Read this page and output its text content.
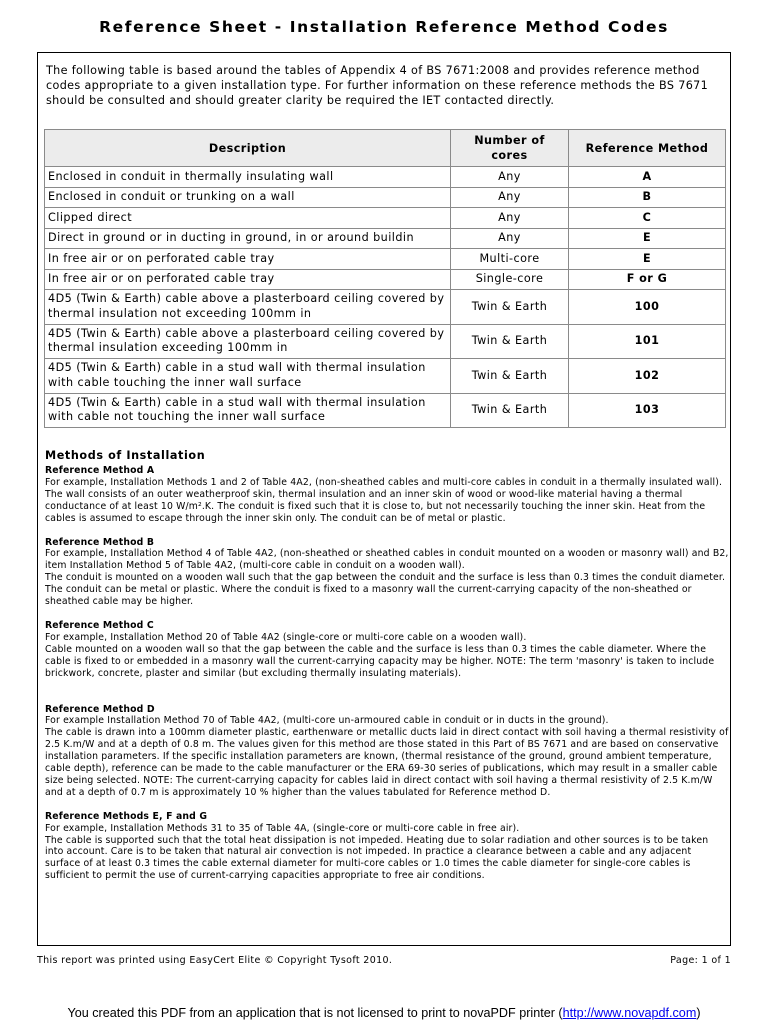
Reference Sheet - Installation Reference Method Codes
The following table is based around the tables of Appendix 4 of BS 7671:2008 and provides reference method codes appropriate to a given installation type. For further information on these reference methods the BS 7671 should be consulted and should greater clarity be required the IET contacted directly.
Description	Number of cores	Reference Method
Enclosed in conduit in thermally insulating wall	Any	A
Enclosed in conduit or trunking on a wall	Any	B
Clipped direct	Any	C
Direct in ground or in ducting in ground, in or around buildin	Any	E
In free air or on perforated cable tray	Multi-core	E
In free air or on perforated cable tray	Single-core	F or G

4D5 (Twin & Earth) cable above a plasterboard ceiling covered by thermal insulation not exceeding 100mm in	Twin & Earth	100

4D5 (Twin & Earth) cable above a plasterboard ceiling covered by thermal insulation exceeding 100mm in	Twin & Earth	101

4D5 (Twin & Earth) cable in a stud wall with thermal insulation with cable touching the inner wall surface	Twin & Earth	102

4D5 (Twin & Earth) cable in a stud wall with thermal insulation with cable not touching the inner wall surface	Twin & Earth	103
Methods of Installation
Reference Method A
For example, Installation Methods 1 and 2 of Table 4A2, (non-sheathed cables and multi-core cables in conduit in a thermally insulated wall).
The wall consists of an outer weatherproof skin, thermal insulation and an inner skin of wood or wood-like material having a thermal conductance of at least 10 W/m².K. The conduit is fixed such that it is close to, but not necessarily touching the inner skin. Heat from the cables is assumed to escape through the inner skin only. The conduit can be of metal or plastic.
Reference Method B
For example, Installation Method 4 of Table 4A2, (non-sheathed or sheathed cables in conduit mounted on a wooden or masonry wall) and B2, item Installation Method 5 of Table 4A2, (multi-core cable in conduit on a wooden wall).
The conduit is mounted on a wooden wall such that the gap between the conduit and the surface is less than 0.3 times the conduit diameter. The conduit can be metal or plastic. Where the conduit is fixed to a masonry wall the current-carrying capacity of the non-sheathed or sheathed cable may be higher.
Reference Method C
For example, Installation Method 20 of Table 4A2 (single-core or multi-core cable on a wooden wall).
Cable mounted on a wooden wall so that the gap between the cable and the surface is less than 0.3 times the cable diameter. Where the cable is fixed to or embedded in a masonry wall the current-carrying capacity may be higher. NOTE: The term 'masonry' is taken to include brickwork, concrete, plaster and similar (but excluding thermally insulating materials).
Reference Method D
For example Installation Method 70 of Table 4A2, (multi-core un-armoured cable in conduit or in ducts in the ground).
The cable is drawn into a 100mm diameter plastic, earthenware or metallic ducts laid in direct contact with soil having a thermal resistivity of 2.5 K.m/W and at a depth of 0.8 m. The values given for this method are those stated in this Part of BS 7671 and are based on conservative installation parameters. If the specific installation parameters are known, (thermal resistance of the ground, ground ambient temperature, cable depth), reference can be made to the cable manufacturer or the ERA 69-30 series of publications, which may result in a smaller cable size being selected. NOTE: The current-carrying capacity for cables laid in direct contact with soil having a thermal resistivity of 2.5 K.m/W and at a depth of 0.7 m is approximately 10 % higher than the values tabulated for Reference method D.
Reference Methods E, F and G
For example, Installation Methods 31 to 35 of Table 4A, (single-core or multi-core cable in free air).
The cable is supported such that the total heat dissipation is not impeded. Heating due to solar radiation and other sources is to be taken into account. Care is to be taken that natural air convection is not impeded. In practice a clearance between a cable and any adjacent surface of at least 0.3 times the cable external diameter for multi-core cables or 1.0 times the cable diameter for single-core cables is sufficient to permit the use of current-carrying capacities appropriate to free air conditions.
This report was printed using EasyCert Elite © Copyright Tysoft 2010.	Page: 1 of 1
You created this PDF from an application that is not licensed to print to novaPDF printer (http://www.novapdf.com)
